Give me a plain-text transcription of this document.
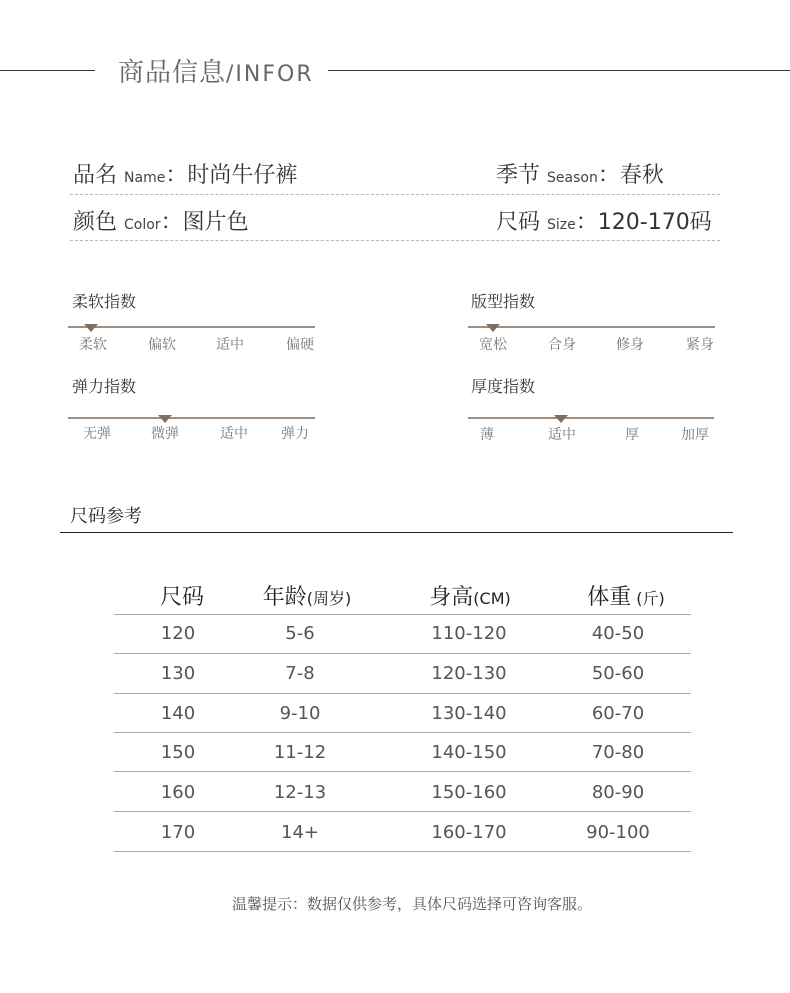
商品信息/INFOR
品名 Name：时尚牛仔裤	季节 Season：春秋
颜色 Color：图片色	尺码 Size：120-170码
柔软指数
柔软	偏软	适中	偏硬
版型指数
宽松	合身	修身	紧身
弹力指数
无弹	微弹	适中 弹力
厚度指数
薄	适中	厚	加厚
尺码参考
尺码	年龄(周岁)	身高(CM)	体重 (斤)
120	5-6	110-120	40-50
130	7-8	120-130	50-60
140	9-10	130-140	60-70
150	11-12	140-150	70-80
160	12-13	150-160	80-90
170	14+	160-170	90-100
温馨提示：数据仅供参考，具体尺码选择可咨询客服。
